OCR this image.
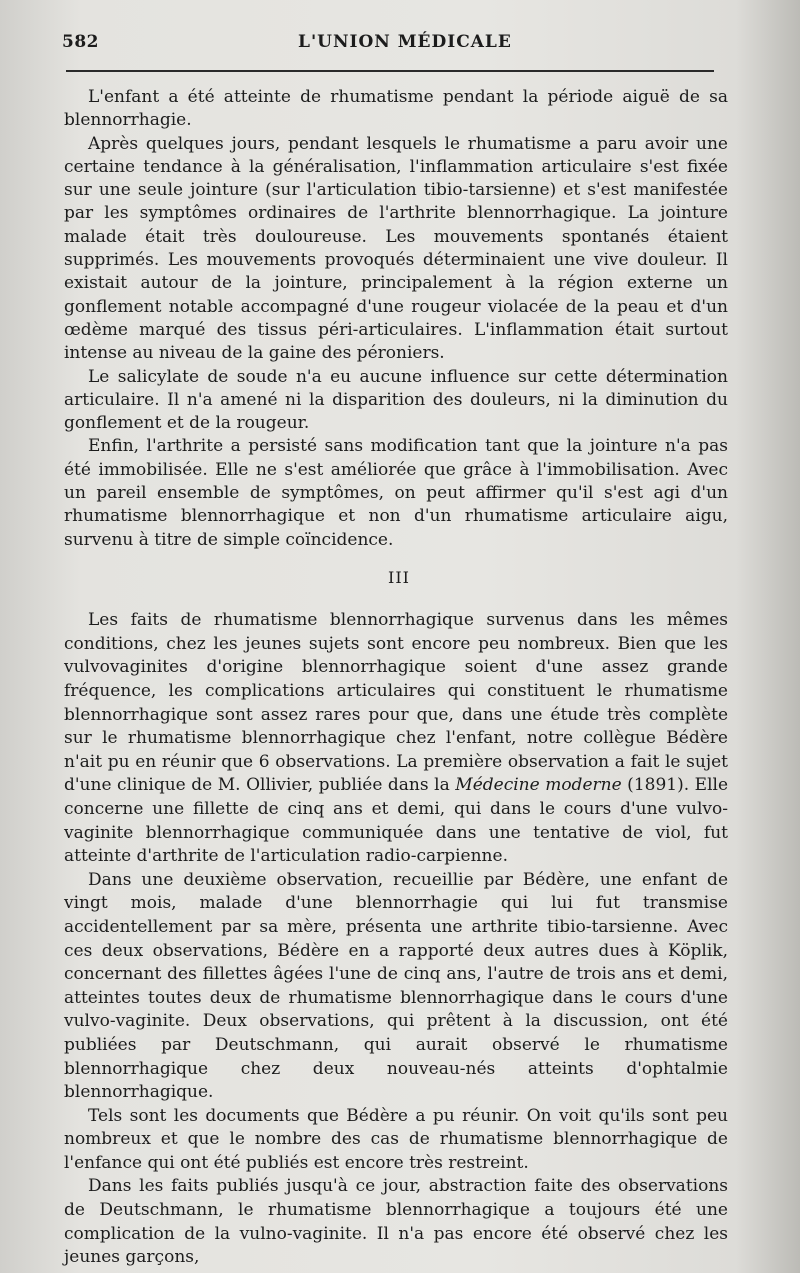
582	L'UNION MÉDICALE

L'enfant a été atteinte de rhumatisme pendant la période aiguë de sa blennorrhagie.

Après quelques jours, pendant lesquels le rhumatisme a paru avoir une certaine tendance à la généralisation, l'inflammation articulaire s'est fixée sur une seule jointure (sur l'articulation tibio-tarsienne) et s'est manifestée par les symptômes ordinaires de l'arthrite blennorrhagique. La jointure malade était très douloureuse. Les mouvements spontanés étaient supprimés. Les mouvements provoqués déterminaient une vive douleur. Il existait autour de la jointure, principalement à la région externe un gonflement notable accompagné d'une rougeur violacée de la peau et d'un œdème marqué des tissus péri-articulaires. L'inflammation était surtout intense au niveau de la gaine des péroniers.

Le salicylate de soude n'a eu aucune influence sur cette détermination articulaire. Il n'a amené ni la disparition des douleurs, ni la diminution du gonflement et de la rougeur.

Enfin, l'arthrite a persisté sans modification tant que la jointure n'a pas été immobilisée. Elle ne s'est améliorée que grâce à l'immobilisation. Avec un pareil ensemble de symptômes, on peut affirmer qu'il s'est agi d'un rhumatisme blennorrhagique et non d'un rhumatisme articulaire aigu, survenu à titre de simple coïncidence.

III

Les faits de rhumatisme blennorrhagique survenus dans les mêmes conditions, chez les jeunes sujets sont encore peu nombreux. Bien que les vulvovaginites d'origine blennorrhagique soient d'une assez grande fréquence, les complications articulaires qui constituent le rhumatisme blennorrhagique sont assez rares pour que, dans une étude très complète sur le rhumatisme blennorrhagique chez l'enfant, notre collègue Bédère n'ait pu en réunir que 6 observations. La première observation a fait le sujet d'une clinique de M. Ollivier, publiée dans la Médecine moderne (1891). Elle concerne une fillette de cinq ans et demi, qui dans le cours d'une vulvo-vaginite blennorrhagique communiquée dans une tentative de viol, fut atteinte d'arthrite de l'articulation radio-carpienne.

Dans une deuxième observation, recueillie par Bédère, une enfant de vingt mois, malade d'une blennorrhagie qui lui fut transmise accidentellement par sa mère, présenta une arthrite tibio-tarsienne. Avec ces deux observations, Bédère en a rapporté deux autres dues à Köplik, concernant des fillettes âgées l'une de cinq ans, l'autre de trois ans et demi, atteintes toutes deux de rhumatisme blennorrhagique dans le cours d'une vulvo-vaginite. Deux observations, qui prêtent à la discussion, ont été publiées par Deutschmann, qui aurait observé le rhumatisme blennorrhagique chez deux nouveau-nés atteints d'ophtalmie blennorrhagique.

Tels sont les documents que Bédère a pu réunir. On voit qu'ils sont peu nombreux et que le nombre des cas de rhumatisme blennorrhagique de l'enfance qui ont été publiés est encore très restreint.

Dans les faits publiés jusqu'à ce jour, abstraction faite des observations de Deutschmann, le rhumatisme blennorrhagique a toujours été une complication de la vulno-vaginite. Il n'a pas encore été observé chez les jeunes garçons,
